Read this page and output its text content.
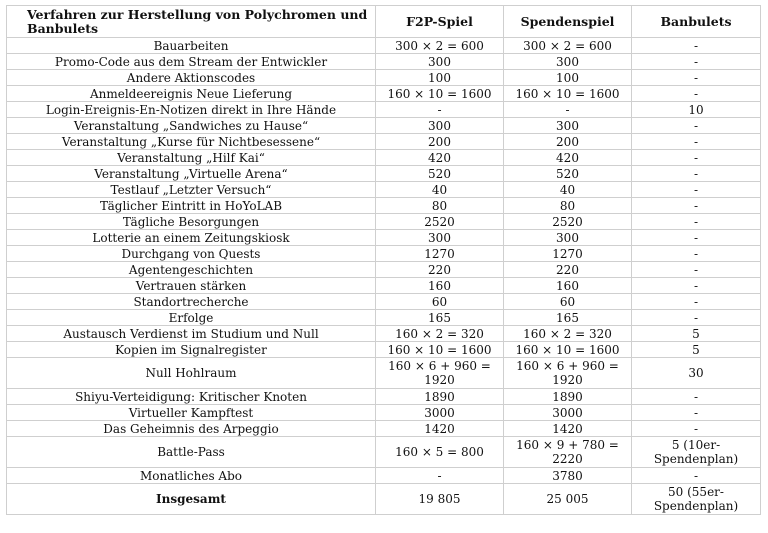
Verfahren zur Herstellung von Polychromen und Banbulets	F2P-Spiel	Spendenspiel	Banbulets
Bauarbeiten	300 × 2 = 600	300 × 2 = 600	-
Promo-Code aus dem Stream der Entwickler	300	300	-
Andere Aktionscodes	100	100	-
Anmeldeereignis Neue Lieferung	160 × 10 = 1600	160 × 10 = 1600	-
Login-Ereignis-En-Notizen direkt in Ihre Hände	-	-	10
Veranstaltung „Sandwiches zu Hause“	300	300	-
Veranstaltung „Kurse für Nichtbesessene“	200	200	-
Veranstaltung „Hilf Kai“	420	420	-
Veranstaltung „Virtuelle Arena“	520	520	-
Testlauf „Letzter Versuch“	40	40	-
Täglicher Eintritt in HoYoLAB	80	80	-
Tägliche Besorgungen	2520	2520	-
Lotterie an einem Zeitungskiosk	300	300	-
Durchgang von Quests	1270	1270	-
Agentengeschichten	220	220	-
Vertrauen stärken	160	160	-
Standortrecherche	60	60	-
Erfolge	165	165	-
Austausch Verdienst im Studium und Null	160 × 2 = 320	160 × 2 = 320	5
Kopien im Signalregister	160 × 10 = 1600	160 × 10 = 1600	5
Null Hohlraum	160 × 6 + 960 = 1920	160 × 6 + 960 = 1920	30
Shiyu-Verteidigung: Kritischer Knoten	1890	1890	-
Virtueller Kampftest	3000	3000	-
Das Geheimnis des Arpeggio	1420	1420	-
Battle-Pass	160 × 5 = 800	160 × 9 + 780 = 2220	5 (10er-Spendenplan)
Monatliches Abo	-	3780	-
Insgesamt	19 805	25 005	50 (55er-Spendenplan)
